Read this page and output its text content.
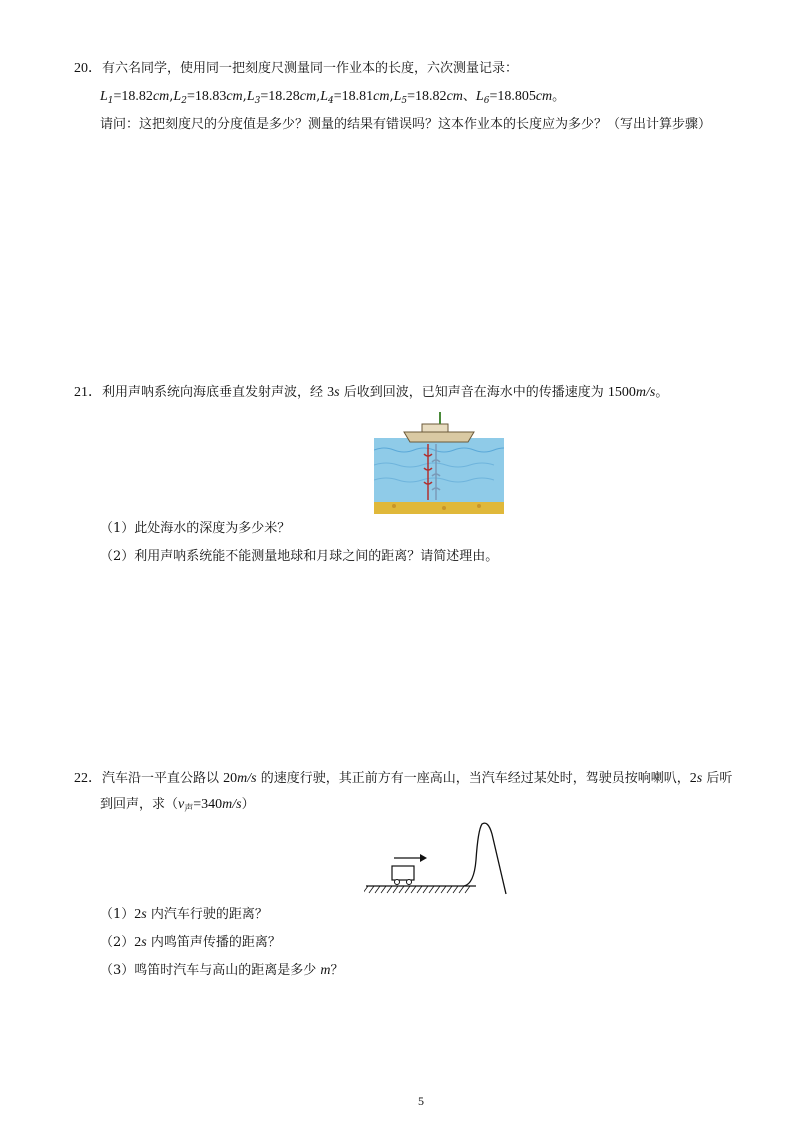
20．有六名同学，使用同一把刻度尺测量同一作业本的长度，六次测量记录：
$L_1=18.82cm,L_2=18.83cm,L_3=18.28cm,L_4=18.81cm,L_5=18.82cm$、$L_6=18.805cm$。
请问：这把刻度尺的分度值是多少？测量的结果有错误吗？这本作业本的长度应为多少？（写出计算步骤）
21．利用声呐系统向海底垂直发射声波，经 3s 后收到回波，已知声音在海水中的传播速度为 1500m/s。
（1）此处海水的深度为多少米？
（2）利用声呐系统能不能测量地球和月球之间的距离？请简述理由。
22．汽车沿一平直公路以 20m/s 的速度行驶，其正前方有一座高山，当汽车经过某处时，驾驶员按响喇叭，2s 后听
到回声，求$(v_声=340m/s)$
（1）2s 内汽车行驶的距离？
（2）2s 内鸣笛声传播的距离？
（3）鸣笛时汽车与高山的距离是多少 m？
5
